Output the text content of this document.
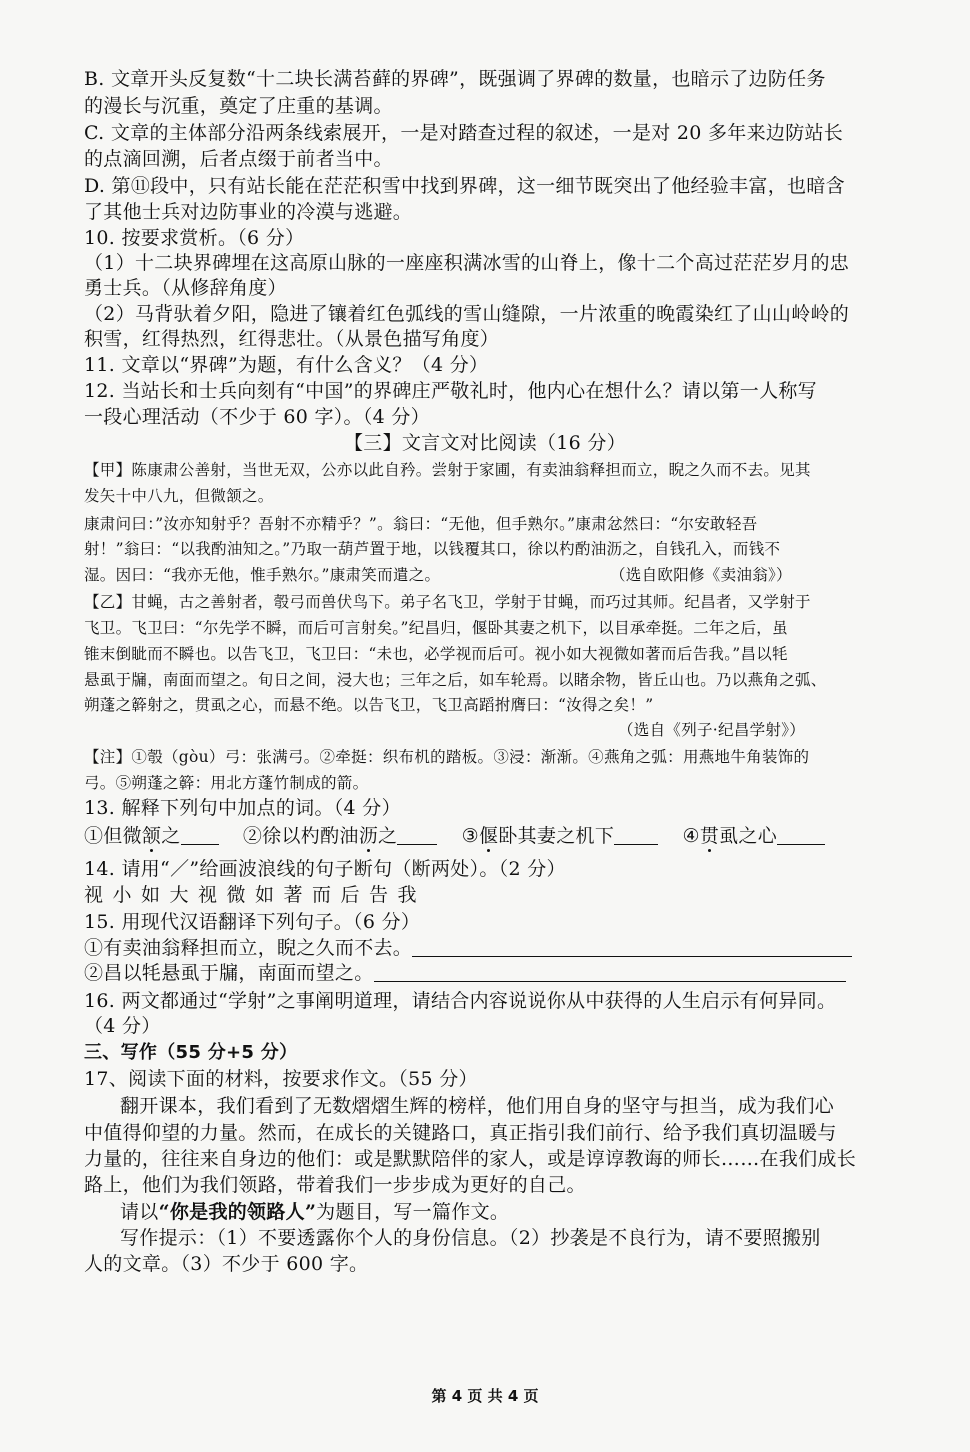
B. 文章开头反复数“十二块长满苔藓的界碑”，既强调了界碑的数量，也暗示了边防任务
的漫长与沉重，奠定了庄重的基调。
C. 文章的主体部分沿两条线索展开，一是对踏查过程的叙述，一是对 20 多年来边防站长
的点滴回溯，后者点缀于前者当中。
D. 第⑪段中，只有站长能在茫茫积雪中找到界碑，这一细节既突出了他经验丰富，也暗含
了其他士兵对边防事业的冷漠与逃避。
10. 按要求赏析。（6 分）
（1）十二块界碑埋在这高原山脉的一座座积满冰雪的山脊上，像十二个高过茫茫岁月的忠
勇士兵。（从修辞角度）
（2）马背驮着夕阳，隐进了镶着红色弧线的雪山缝隙，一片浓重的晚霞染红了山山岭岭的
积雪，红得热烈，红得悲壮。（从景色描写角度）
11. 文章以“界碑”为题，有什么含义？（4 分）
12. 当站长和士兵向刻有“中国”的界碑庄严敬礼时，他内心在想什么？请以第一人称写
一段心理活动（不少于 60 字）。（4 分）
【三】文言文对比阅读（16 分）
【甲】陈康肃公善射，当世无双，公亦以此自矜。尝射于家圃，有卖油翁释担而立，睨之久而不去。见其
发矢十中八九，但微颔之。
康肃问曰：”汝亦知射乎？吾射不亦精乎？”。翁曰：“无他，但手熟尔。”康肃忿然曰：“尔安敢轻吾
射！”翁曰：“以我酌油知之。”乃取一葫芦置于地，以钱覆其口，徐以杓酌油沥之，自钱孔入，而钱不
湿。因曰：“我亦无他，惟手熟尔。”康肃笑而遣之。	（选自欧阳修《卖油翁》）
【乙】甘蝇，古之善射者，彀弓而兽伏鸟下。弟子名飞卫，学射于甘蝇，而巧过其师。纪昌者，又学射于
飞卫。飞卫曰：“尔先学不瞬，而后可言射矣。”纪昌归，偃卧其妻之机下，以目承牵挺。二年之后，虽
锥末倒眦而不瞬也。以告飞卫，飞卫曰：“未也，必学视而后可。视小如大视微如著而后告我。”昌以牦
悬虱于牖，南面而望之。旬日之间，浸大也；三年之后，如车轮焉。以睹余物，皆丘山也。乃以燕角之弧、
朔蓬之簳射之，贯虱之心，而悬不绝。以告飞卫，飞卫高蹈拊膺曰：“汝得之矣！”
（选自《列子·纪昌学射》）
【注】①彀（gòu）弓：张满弓。②牵挺：织布机的踏板。③浸：渐渐。④燕角之弧：用燕地牛角装饰的
弓。⑤朔蓬之簳：用北方蓬竹制成的箭。
13. 解释下列句中加点的词。（4 分）
①但微颔之	②徐以杓酌油沥之	③偃卧其妻之机下	④贯虱之心
14. 请用“／”给画波浪线的句子断句（断两处）。（2 分）
视 小 如 大 视 微 如 著 而 后 告 我
15. 用现代汉语翻译下列句子。（6 分）
①有卖油翁释担而立，睨之久而不去。
②昌以牦悬虱于牖，南面而望之。
16. 两文都通过“学射”之事阐明道理，请结合内容说说你从中获得的人生启示有何异同。
（4 分）
三、写作（55 分+5 分）
17、阅读下面的材料，按要求作文。（55 分）
翻开课本，我们看到了无数熠熠生辉的榜样，他们用自身的坚守与担当，成为我们心
中值得仰望的力量。然而，在成长的关键路口，真正指引我们前行、给予我们真切温暖与
力量的，往往来自身边的他们：或是默默陪伴的家人，或是谆谆教诲的师长……在我们成长
路上，他们为我们领路，带着我们一步步成为更好的自己。
请以“你是我的领路人”为题目，写一篇作文。
写作提示：（1）不要透露你个人的身份信息。（2）抄袭是不良行为，请不要照搬别
人的文章。（3）不少于 600 字。
第 4 页 共 4 页
